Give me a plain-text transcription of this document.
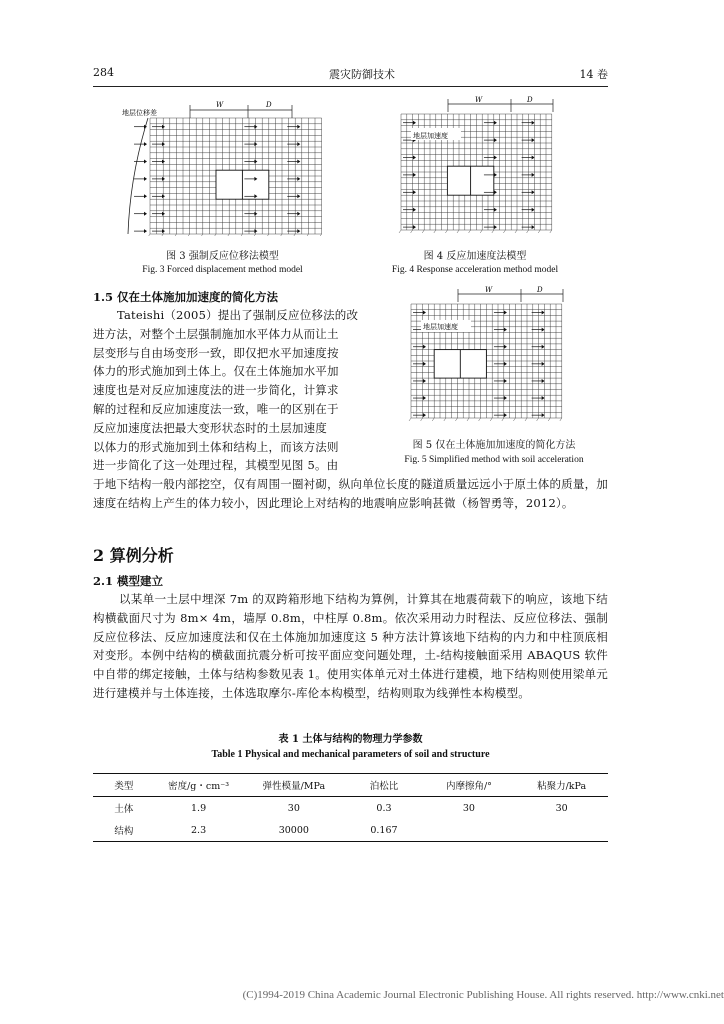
284	震灾防御技术	14 卷
W	D
地层位移差
图 3 强制反应位移法模型
Fig. 3 Forced displacement method model
W	D
地层加速度
图 4 反应加速度法模型
Fig. 4 Response acceleration method model
W	D
地层加速度
图 5 仅在土体施加加速度的简化方法
Fig. 5 Simplified method with soil acceleration
1.5 仅在土体施加加速度的简化方法
Tateishi（2005）提出了强制反应位移法的改
进方法，对整个土层强制施加水平体力从而让土
层变形与自由场变形一致，即仅把水平加速度按
体力的形式施加到土体上。仅在土体施加水平加
速度也是对反应加速度法的进一步简化，计算求
解的过程和反应加速度法一致，唯一的区别在于
反应加速度法把最大变形状态时的土层加速度
以体力的形式施加到土体和结构上，而该方法则
进一步简化了这一处理过程，其模型见图 5。由
于地下结构一般内部挖空，仅有周围一圈衬砌，纵向单位长度的隧道质量远远小于原土体的质量，加速度在结构上产生的体力较小，因此理论上对结构的地震响应影响甚微（杨智勇等，2012）。
2 算例分析
2.1 模型建立
以某单一土层中埋深 7m 的双跨箱形地下结构为算例，计算其在地震荷载下的响应，该地下结构横截面尺寸为 8m× 4m，墙厚 0.8m，中柱厚 0.8m。依次采用动力时程法、反应位移法、强制反应位移法、反应加速度法和仅在土体施加加速度这 5 种方法计算该地下结构的内力和中柱顶底相对变形。本例中结构的横截面抗震分析可按平面应变问题处理，土-结构接触面采用 ABAQUS 软件中自带的绑定接触，土体与结构参数见表 1。使用实体单元对土体进行建模，地下结构则使用梁单元进行建模并与土体连接，土体选取摩尔-库伦本构模型，结构则取为线弹性本构模型。
表 1 土体与结构的物理力学参数
Table 1 Physical and mechanical parameters of soil and structure
类型	密度/g・cm⁻³	弹性模量/MPa	泊松比	内摩擦角/°	粘聚力/kPa
土体	1.9	30	0.3	30	30
结构	2.3	30000	0.167		
(C)1994-2019 China Academic Journal Electronic Publishing House. All rights reserved. http://www.cnki.net
